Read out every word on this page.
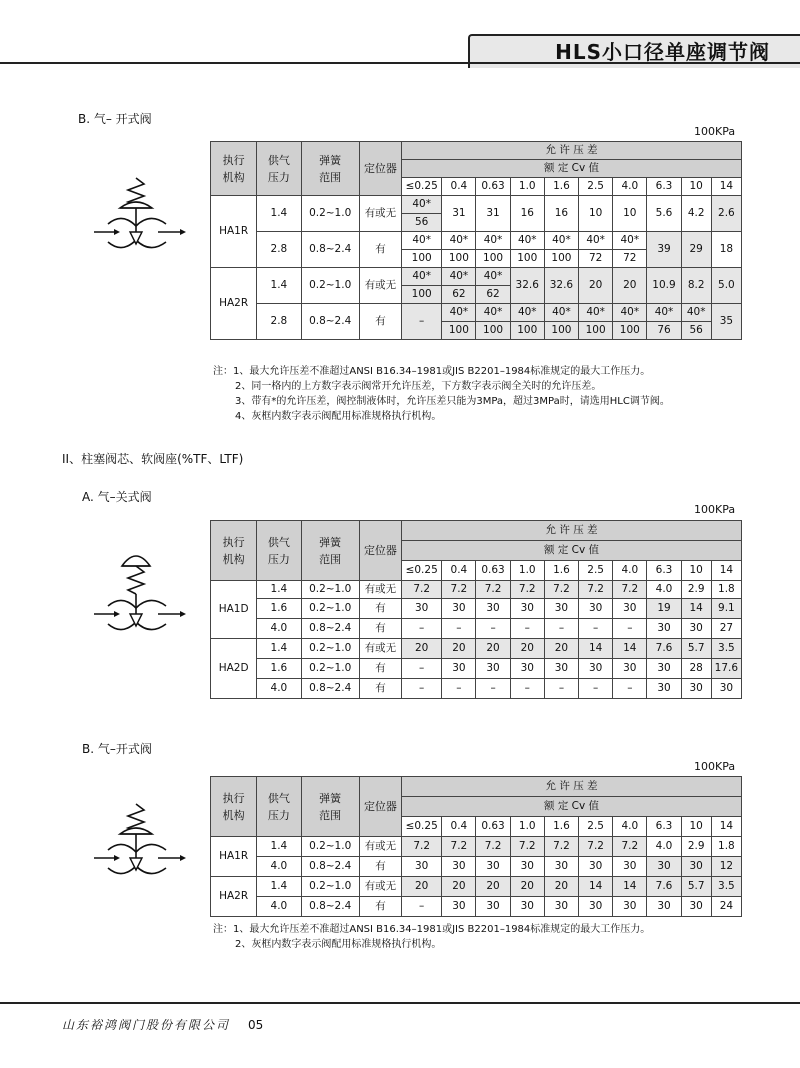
HLS小口径单座调节阀
B. 气– 开式阀
100KPa
执行
机构	供气
压力	弹簧
范围	定位器	允 许 压 差									
				额 定 Cv 值									
				≤0.25	0.4	0.63	1.0	1.6	2.5	4.0	6.3	10	14
HA1R	1.4	0.2~1.0	有或无	40*	31	31	16	16	10	10	5.6	4.2	2.6
				56									
	2.8	0.8~2.4	有	40*	40*	40*	40*	40*	40*	40*	39	29	18
				100	100	100	100	100	72	72			
HA2R	1.4	0.2~1.0	有或无	40*	40*	40*	32.6	32.6	20	20	10.9	8.2	5.0
				100	62	62							
	2.8	0.8~2.4	有	–	40*	40*	40*	40*	40*	40*	40*	40*	35
					100	100	100	100	100	100	76	56	
注：1、最大允许压差不准超过ANSI B16.34–1981或JIS B2201–1984标准规定的最大工作压力。
2、同一格内的上方数字表示阀常开允许压差，下方数字表示阀全关时的允许压差。
3、带有*的允许压差，阀控制液体时，允许压差只能为3MPa，超过3MPa时，请选用HLC调节阀。
4、灰框内数字表示阀配用标准规格执行机构。
II、柱塞阀芯、软阀座(%TF、LTF)
A. 气–关式阀
100KPa
执行
机构	供气
压力	弹簧
范围	定位器	允 许 压 差									
				额 定 Cv 值									
				≤0.25	0.4	0.63	1.0	1.6	2.5	4.0	6.3	10	14
HA1D	1.4	0.2~1.0	有或无	7.2	7.2	7.2	7.2	7.2	7.2	7.2	4.0	2.9	1.8
	1.6	0.2~1.0	有	30	30	30	30	30	30	30	19	14	9.1
	4.0	0.8~2.4	有	–	–	–	–	–	–	–	30	30	27
HA2D	1.4	0.2~1.0	有或无	20	20	20	20	20	14	14	7.6	5.7	3.5
	1.6	0.2~1.0	有	–	30	30	30	30	30	30	30	28	17.6
	4.0	0.8~2.4	有	–	–	–	–	–	–	–	30	30	30
B. 气–开式阀
100KPa
执行
机构	供气
压力	弹簧
范围	定位器	允 许 压 差									
				额 定 Cv 值									
				≤0.25	0.4	0.63	1.0	1.6	2.5	4.0	6.3	10	14
HA1R	1.4	0.2~1.0	有或无	7.2	7.2	7.2	7.2	7.2	7.2	7.2	4.0	2.9	1.8
	4.0	0.8~2.4	有	30	30	30	30	30	30	30	30	30	12
HA2R	1.4	0.2~1.0	有或无	20	20	20	20	20	14	14	7.6	5.7	3.5
	4.0	0.8~2.4	有	–	30	30	30	30	30	30	30	30	24
注：1、最大允许压差不准超过ANSI B16.34–1981或JIS B2201–1984标准规定的最大工作压力。
2、灰框内数字表示阀配用标准规格执行机构。
山东裕鸿阀门股份有限公司 05
